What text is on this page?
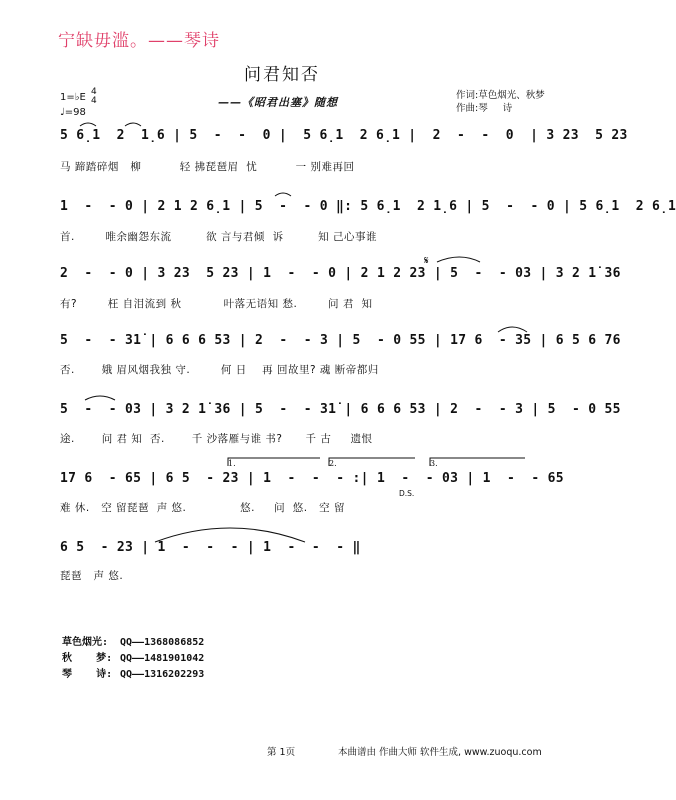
宁缺毋滥。——琴诗
问君知否
1=♭E 4
4
♩=98
——《昭君出塞》随想
作词:草色烟光、秋梦
作曲:琴     诗
5 6̣1  2  1̣6 | 5  -  -  0 |  5 6̣1  2 6̣1 |  2  -  -  0  | 3 23  5 23
马 蹄踏碎烟   柳          轻 拂琵琶眉  忧          一 别难再回
1  -  - 0 | 2 1 2 6̣1 | 5  -  - 0 ‖: 5 6̣1  2 1̣6 | 5  -  - 0 | 5 6̣1  2 6̣1
首.        唯余幽怨东流         欲 言与君倾  诉         知 己心事谁
2  -  - 0 | 3 23  5 23 | 1  -  - 0 | 2 1 2 23 | 5  -  - 03 | 3 2 1̇ 36
有?        枉 自泪流到 秋           叶落无语知 愁.        问 君  知
5  -  - 31̇ | 6 6 6 53 | 2  -  - 3 | 5  - 0 55 | 17 6  - 35 | 6 5 6 76
否.       娥 眉风烟我独 守.        何 日    再 回故里? 魂 断帝都归
5  -  - 03 | 3 2 1̇ 36 | 5  -  - 31̇ | 6 6 6 53 | 2  -  - 3 | 5  - 0 55
途.       问 君 知  否.       千 沙落雁与谁 书?      千 古     遗恨
17 6  - 65 | 6 5  - 23 | 1  -  -  - :| 1  -  - 03 | 1  -  - 65
难 休.   空 留琵琶  声 悠.              悠.     问  悠.   空 留
6 5  - 23 | 1  -  -  - | 1  -  -  - ‖
琵琶   声 悠.
𝄋
1.	2.	3.
D.S.
草色烟光: QQ——1368086852
秋    梦: QQ——1481901042
琴    诗: QQ——1316202293
第 1页	本曲谱由 作曲大师 软件生成, www.zuoqu.com
